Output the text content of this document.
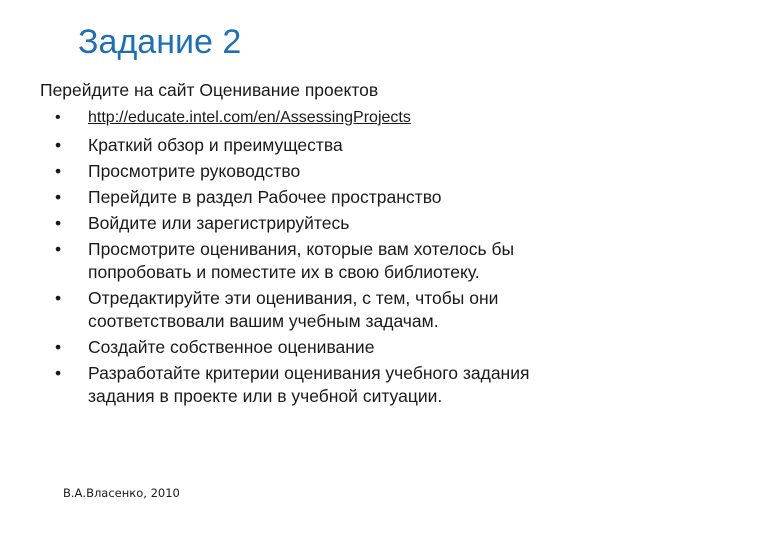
Задание 2

Перейдите на сайт Оценивание проектов

•	http://educate.intel.com/en/AssessingProjects
•	Краткий обзор и преимущества
•	Просмотрите руководство
•	Перейдите в раздел Рабочее пространство
•	Войдите или зарегистрируйтесь
•	Просмотрите оценивания, которые вам хотелось бы
попробовать и поместите их в свою библиотеку.
•	Отредактируйте эти оценивания, с тем, чтобы они
соответствовали вашим учебным задачам.
•	Создайте собственное оценивание
•	Разработайте критерии оценивания учебного задания
задания в проекте или в учебной ситуации.

В.А.Власенко, 2010
